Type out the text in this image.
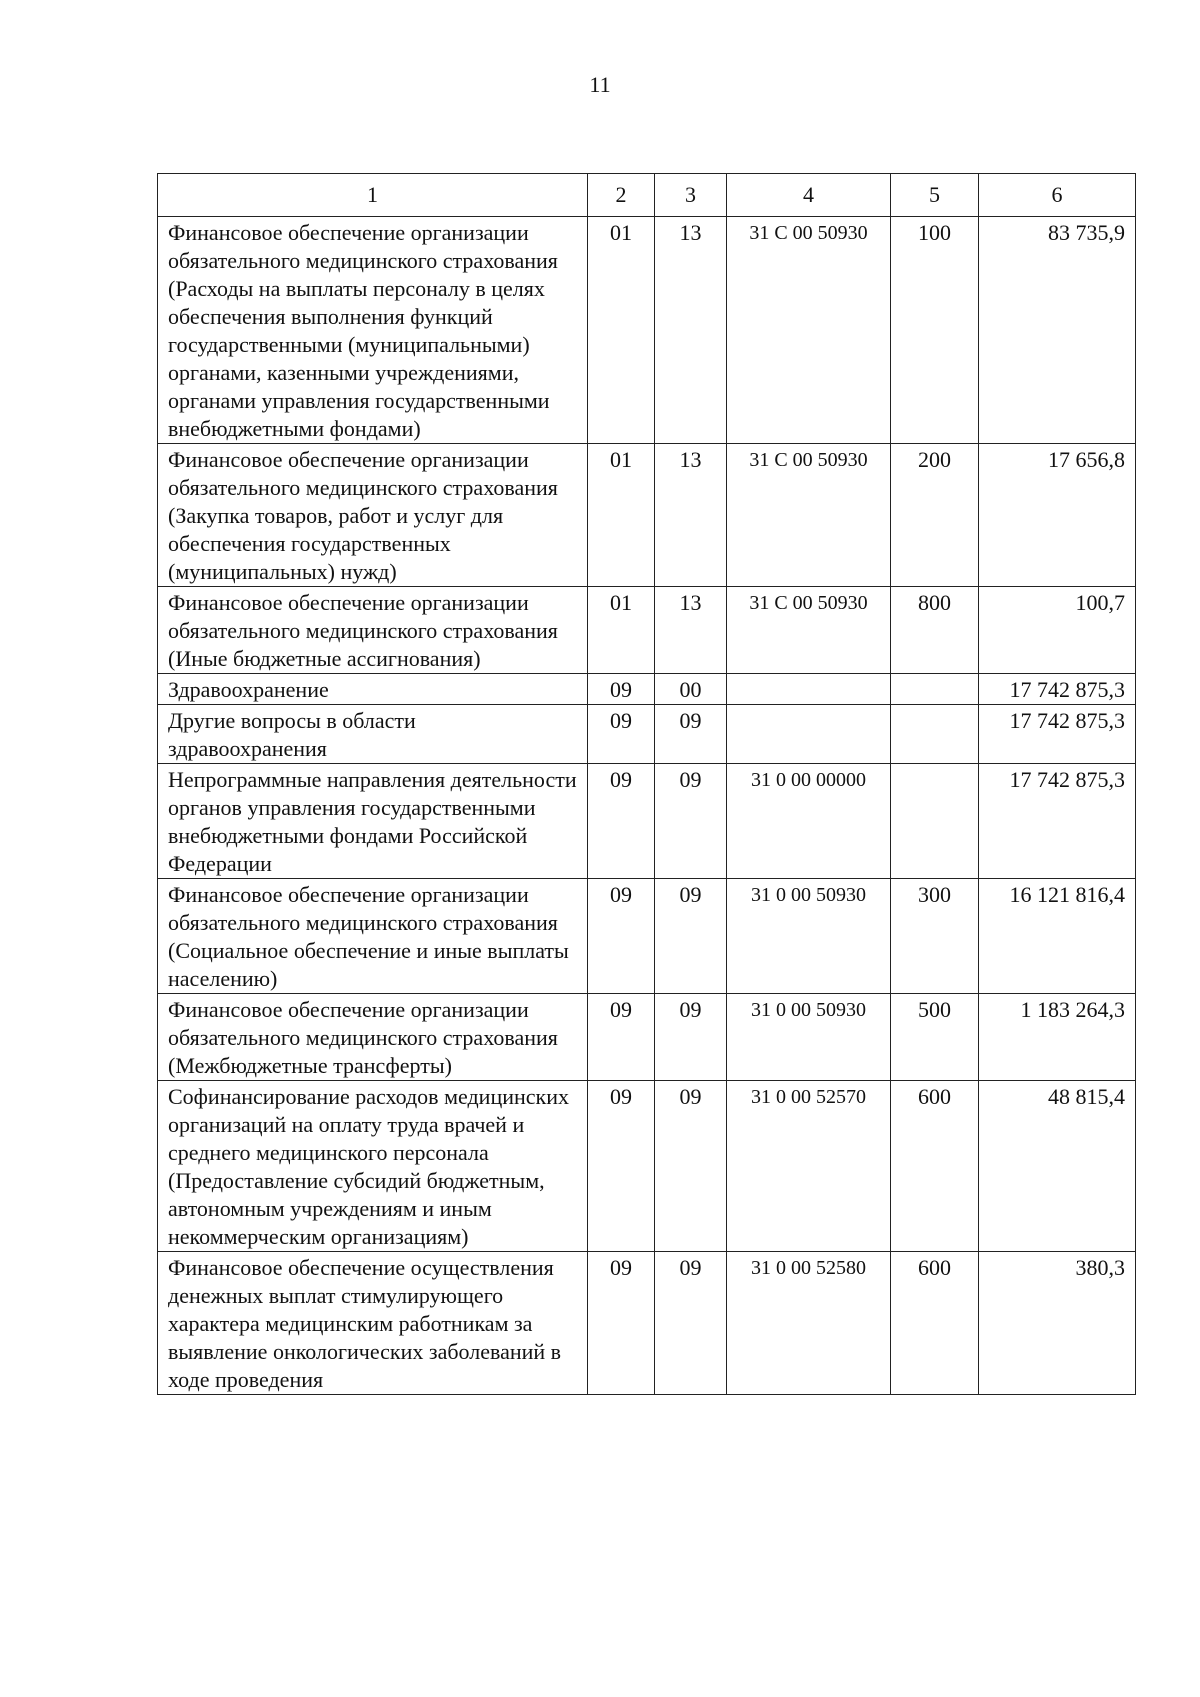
11
1	2	3	4	5	6
Финансовое обеспечение организации обязательного медицинского страхования (Расходы на выплаты персоналу в целях обеспечения выполнения функций государственными (муниципальными) органами, казенными учреждениями, органами управления государственными внебюджетными фондами)	01	13	31 С 00 50930	100	83 735,9
Финансовое обеспечение организации обязательного медицинского страхования (Закупка товаров, работ и услуг для обеспечения государственных (муниципальных) нужд)	01	13	31 С 00 50930	200	17 656,8
Финансовое обеспечение организации обязательного медицинского страхования (Иные бюджетные ассигнования)	01	13	31 С 00 50930	800	100,7
Здравоохранение	09	00			17 742 875,3
Другие вопросы в области здравоохранения	09	09			17 742 875,3
Непрограммные направления деятельности органов управления государственными внебюджетными фондами Российской Федерации	09	09	31 0 00 00000		17 742 875,3
Финансовое обеспечение организации обязательного медицинского страхования (Социальное обеспечение и иные выплаты населению)	09	09	31 0 00 50930	300	16 121 816,4
Финансовое обеспечение организации обязательного медицинского страхования (Межбюджетные трансферты)	09	09	31 0 00 50930	500	1 183 264,3
Софинансирование расходов медицинских организаций на оплату труда врачей и среднего медицинского персонала (Предоставление субсидий бюджетным, автономным учреждениям и иным некоммерческим организациям)	09	09	31 0 00 52570	600	48 815,4
Финансовое обеспечение осуществления денежных выплат стимулирующего характера медицинским работникам за выявление онкологических заболеваний в ходе проведения	09	09	31 0 00 52580	600	380,3
